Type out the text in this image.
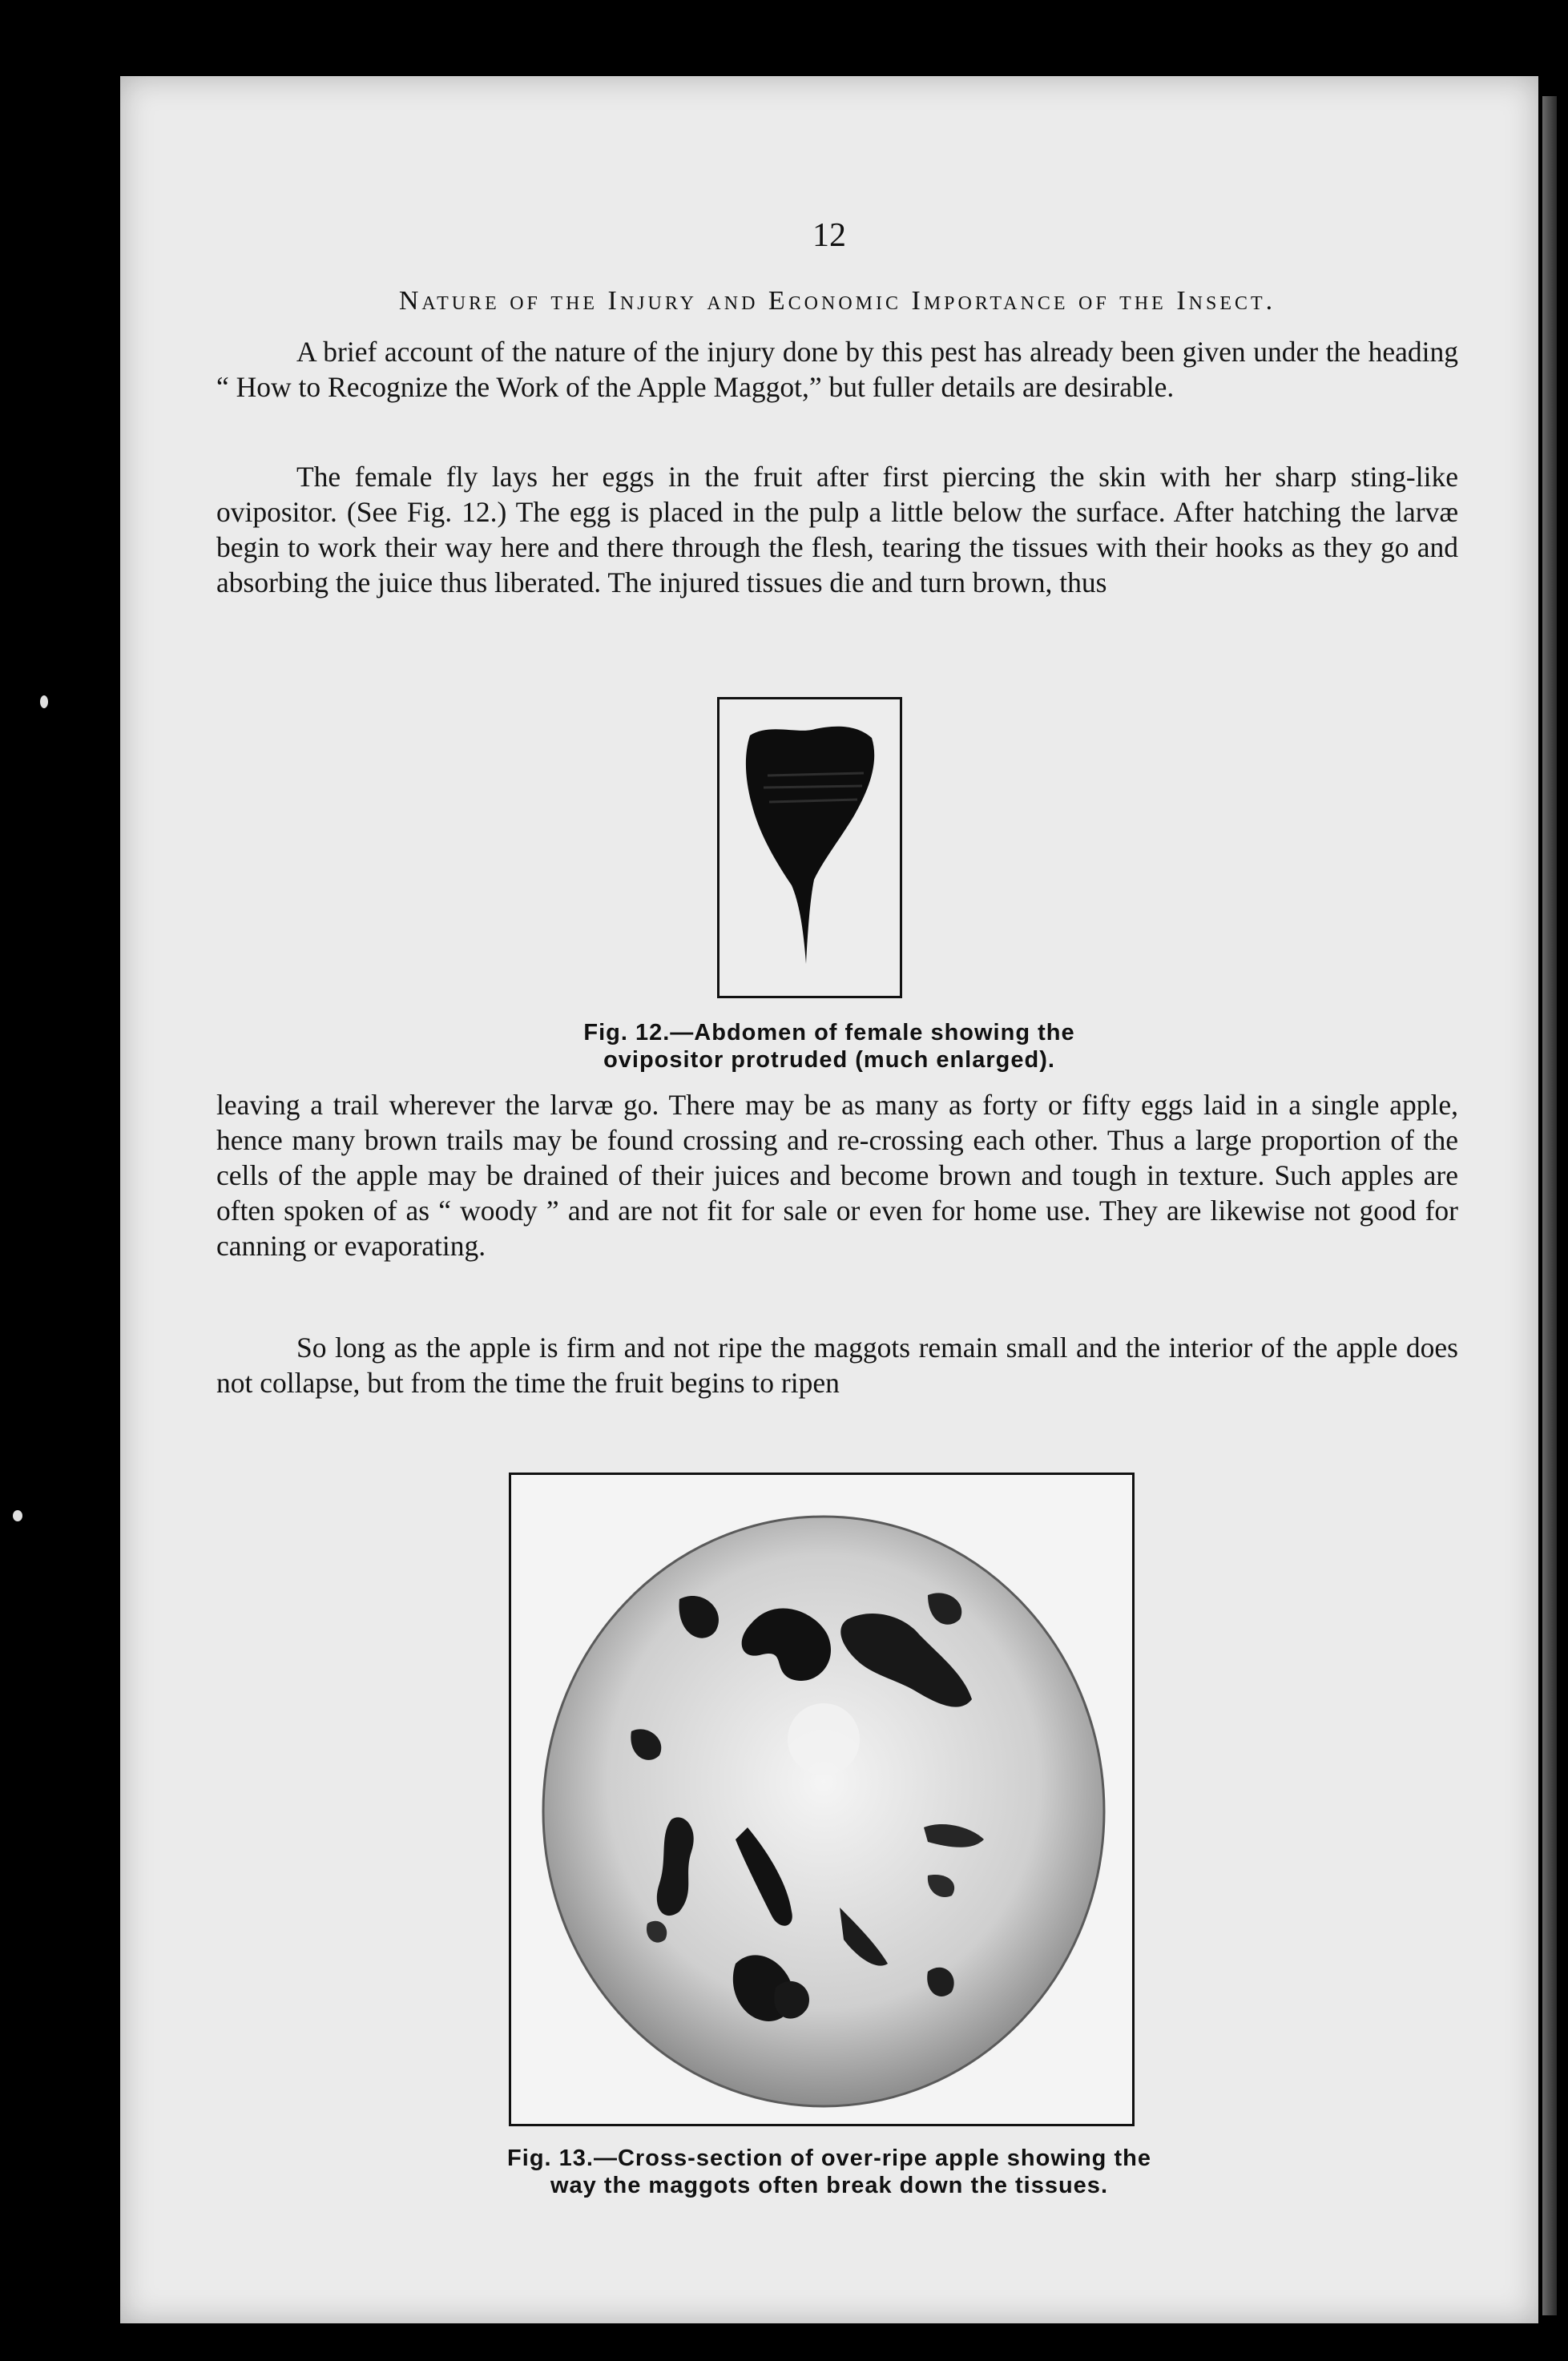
12
Nature of the Injury and Economic Importance of the Insect.
A brief account of the nature of the injury done by this pest has already been given under the heading “ How to Recognize the Work of the Apple Maggot,” but fuller details are desirable.
The female fly lays her eggs in the fruit after first piercing the skin with her sharp sting-like ovipositor. (See Fig. 12.) The egg is placed in the pulp a little below the surface. After hatching the larvæ begin to work their way here and there through the flesh, tearing the tissues with their hooks as they go and absorbing the juice thus liberated. The injured tissues die and turn brown, thus
Fig. 12.—Abdomen of female showing the
ovipositor protruded (much enlarged).
leaving a trail wherever the larvæ go. There may be as many as forty or fifty eggs laid in a single apple, hence many brown trails may be found crossing and re-crossing each other. Thus a large proportion of the cells of the apple may be drained of their juices and become brown and tough in texture. Such apples are often spoken of as “ woody ” and are not fit for sale or even for home use. They are likewise not good for canning or evaporating.
So long as the apple is firm and not ripe the maggots remain small and the interior of the apple does not collapse, but from the time the fruit begins to ripen
Fig. 13.—Cross-section of over-ripe apple showing the
way the maggots often break down the tissues.
